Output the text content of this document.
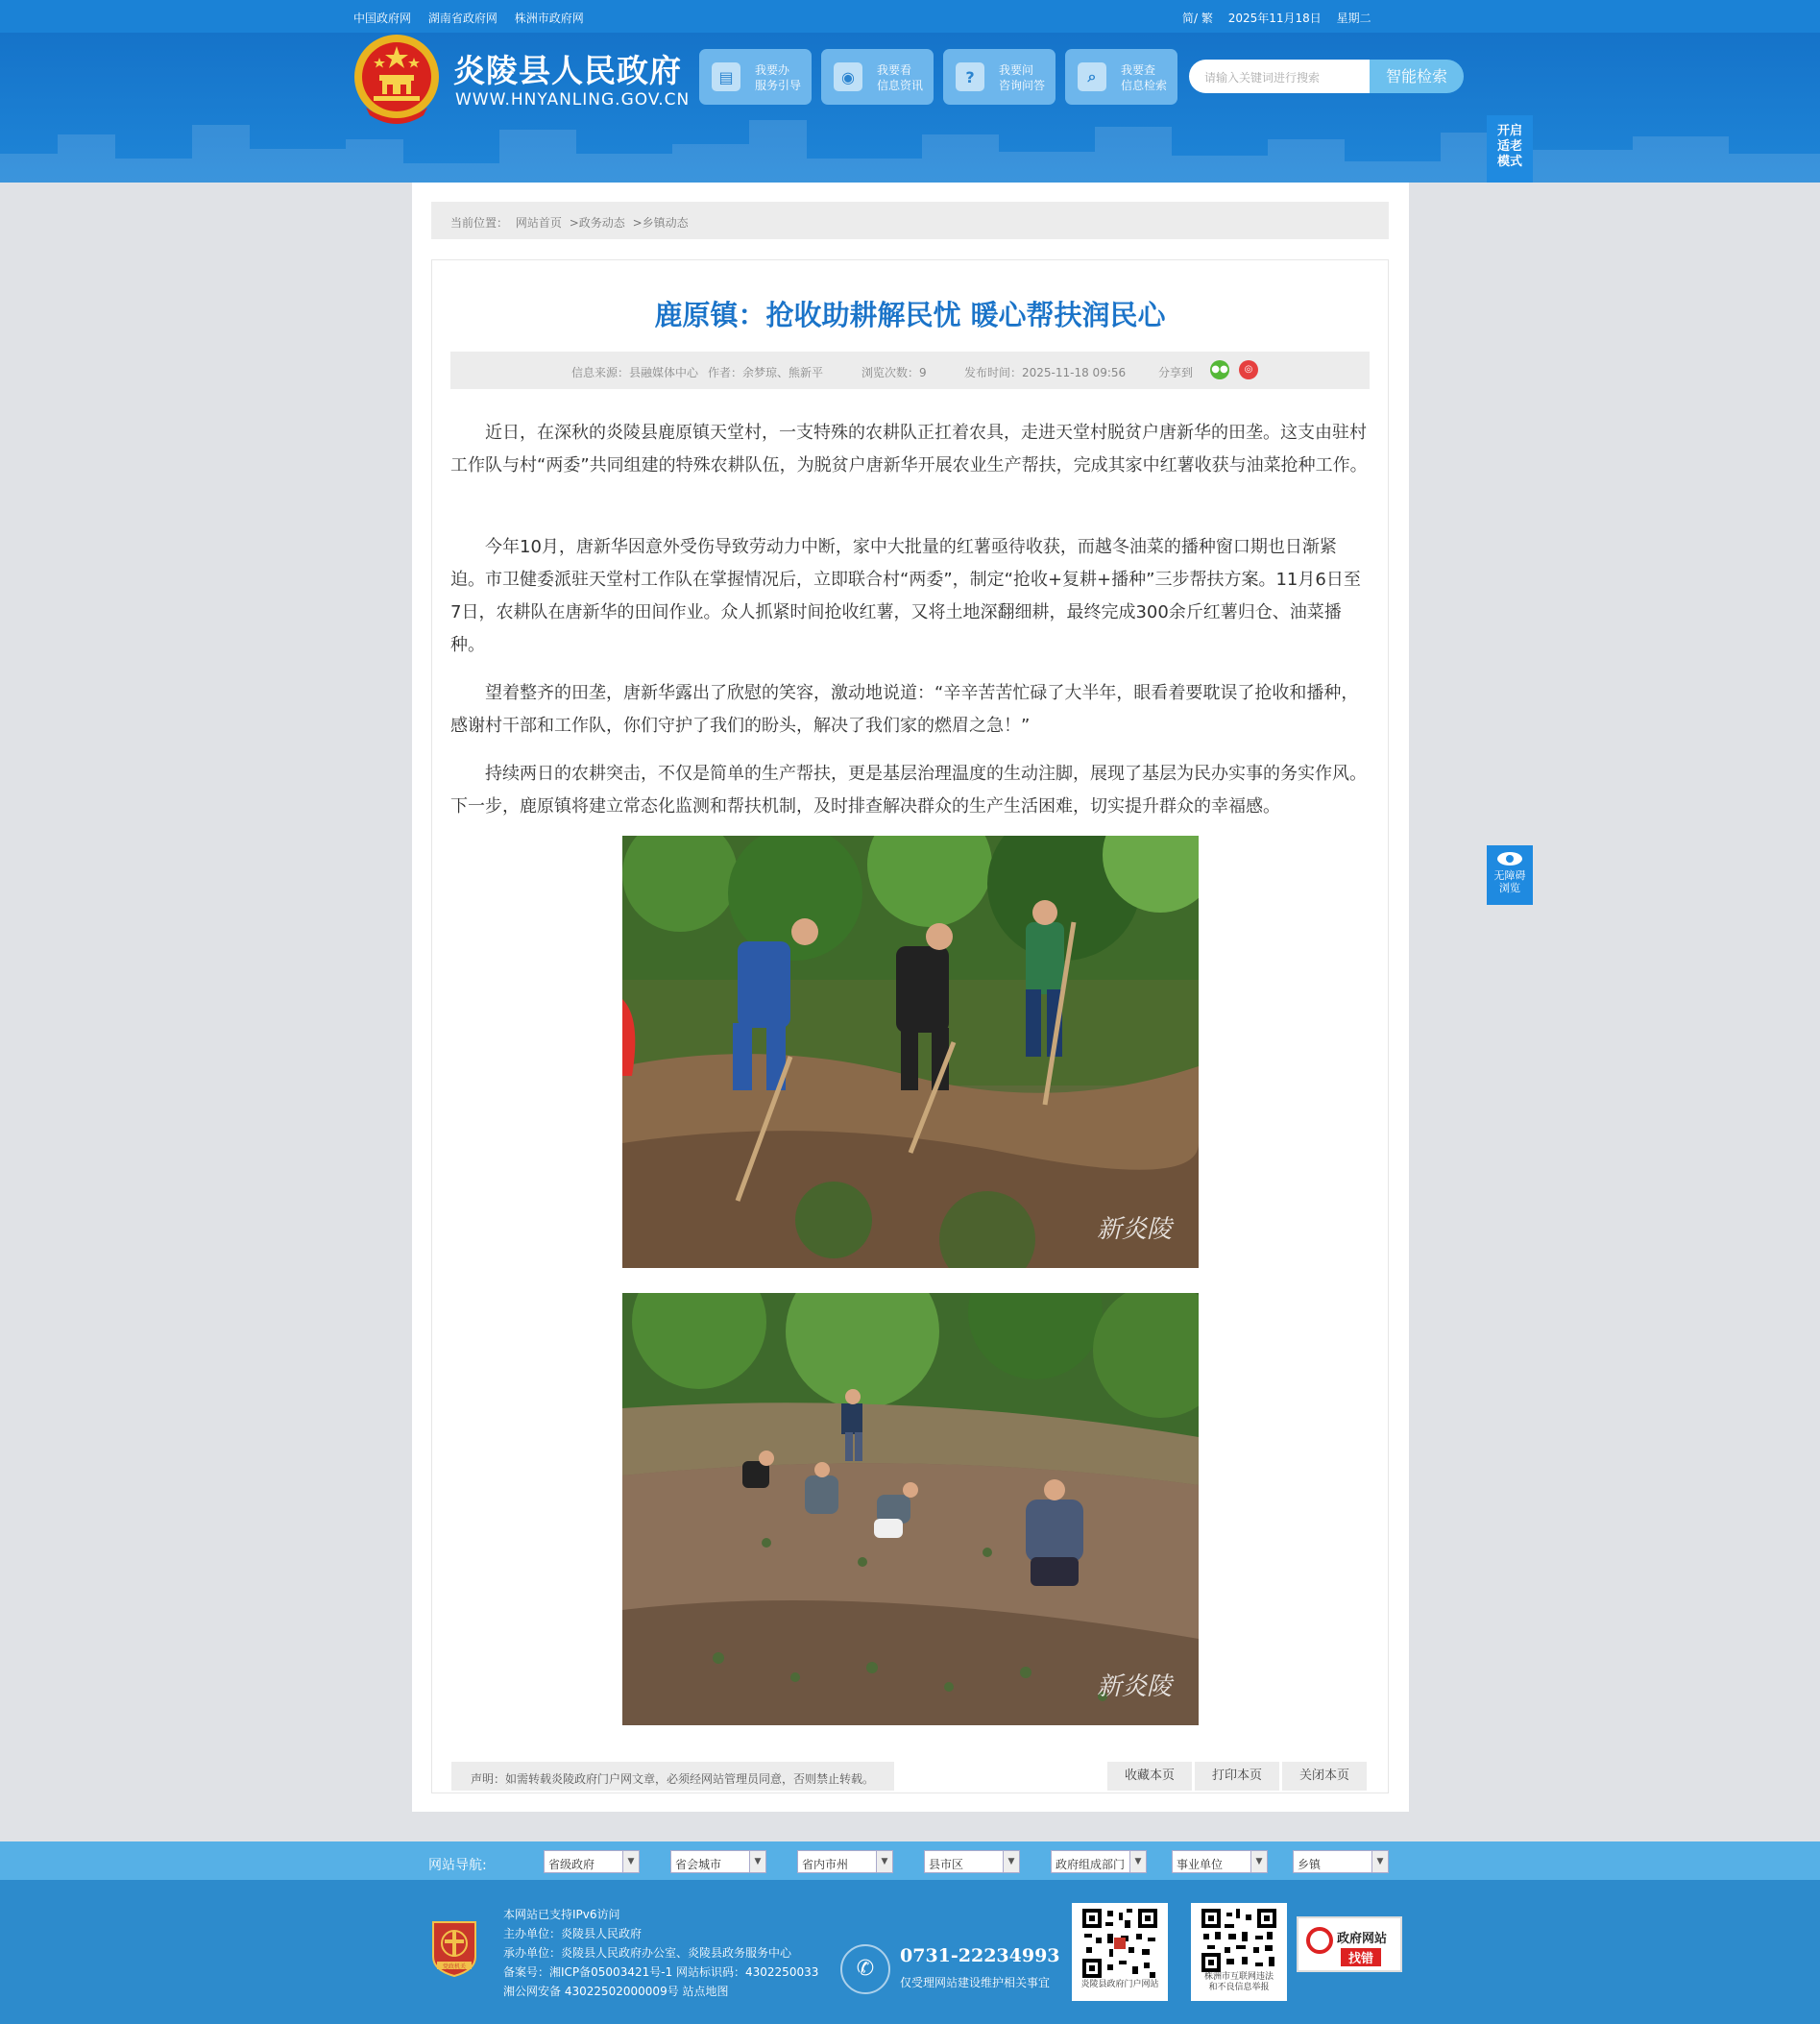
中国政府网 湖南省政府网 株洲市政府网	简/ 繁 2025年11月18日 星期二
炎陵县人民政府
WWW.HNYANLING.GOV.CN
▤	我要办
服务引导	◉	我要看
信息资讯	?	我要问
咨询问答	⌕	我要查
信息检索
请输入关键词进行搜索	智能检索
开启
适老
模式
当前位置： 网站首页 >政务动态 >乡镇动态
鹿原镇：抢收助耕解民忧 暖心帮扶润民心
信息来源：县融媒体中心 作者：余梦琼、熊新平	浏览次数：9	发布时间：2025-11-18 09:56	分享到 ●●	◎

近日，在深秋的炎陵县鹿原镇天堂村，一支特殊的农耕队正扛着农具，走进天堂村脱贫户唐新华的田垄。这支由驻村工作队与村“两委”共同组建的特殊农耕队伍，为脱贫户唐新华开展农业生产帮扶，完成其家中红薯收获与油菜抢种工作。

今年10月，唐新华因意外受伤导致劳动力中断，家中大批量的红薯亟待收获，而越冬油菜的播种窗口期也日渐紧迫。市卫健委派驻天堂村工作队在掌握情况后，立即联合村“两委”，制定“抢收+复耕+播种”三步帮扶方案。11月6日至7日，农耕队在唐新华的田间作业。众人抓紧时间抢收红薯，又将土地深翻细耕，最终完成300余斤红薯归仓、油菜播种。

望着整齐的田垄，唐新华露出了欣慰的笑容，激动地说道：“辛辛苦苦忙碌了大半年，眼看着要耽误了抢收和播种，感谢村干部和工作队，你们守护了我们的盼头，解决了我们家的燃眉之急！”

持续两日的农耕突击，不仅是简单的生产帮扶，更是基层治理温度的生动注脚，展现了基层为民办实事的务实作风。下一步，鹿原镇将建立常态化监测和帮扶机制，及时排查解决群众的生产生活困难，切实提升群众的幸福感。

新炎陵
新炎陵
声明：如需转载炎陵政府门户网文章，必须经网站管理员同意，否则禁止转载。	收藏本页	打印本页	关闭本页
无障碍
浏览
网站导航:	省级政府	▼	省会城市	▼	省内市州	▼	县市区	▼	政府组成部门	▼	事业单位	▼	乡镇	▼
党政机关
本网站已支持IPv6访问
主办单位：炎陵县人民政府
承办单位：炎陵县人民政府办公室、炎陵县政务服务中心
备案号：湘ICP备05003421号-1 网站标识码：4302250033
湘公网安备 43022502000009号 站点地图
✆
0731-22234993
仅受理网站建设维护相关事宜	炎陵县政府门户网站
株洲市互联网违法
和不良信息举报
政府网站
找错
